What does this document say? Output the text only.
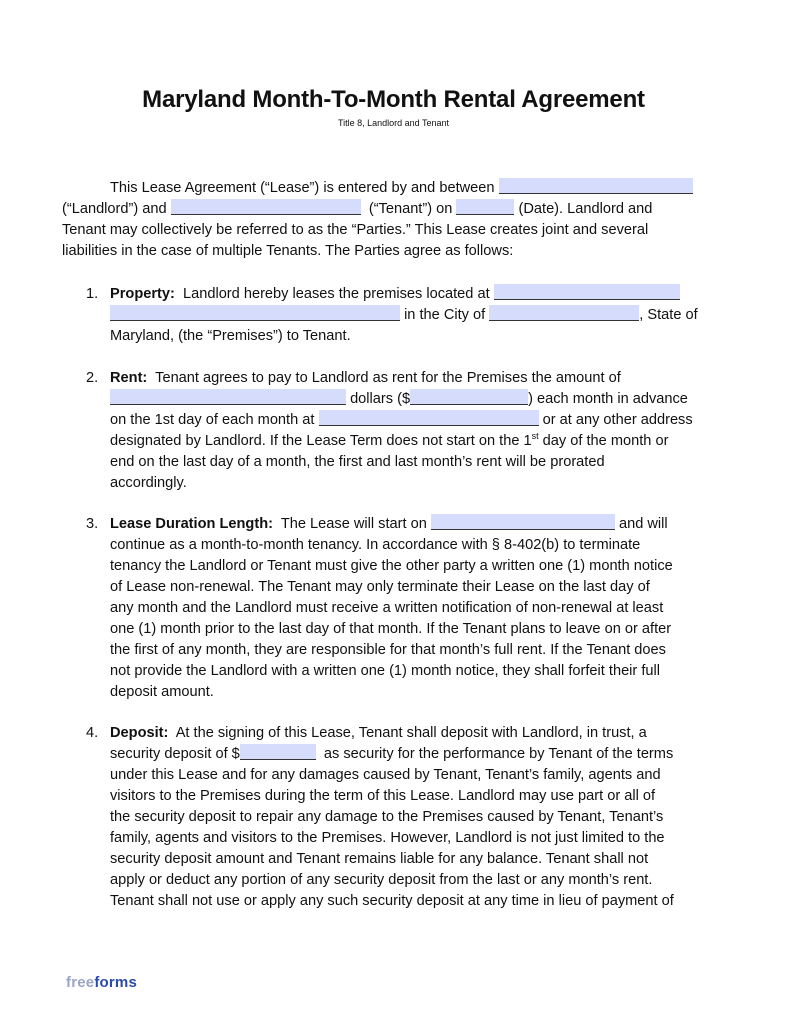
Maryland Month-To-Month Rental Agreement
Title 8, Landlord and Tenant
This Lease Agreement (“Lease”) is entered by and between
(“Landlord”) and	(“Tenant”) on	(Date). Landlord and
Tenant may collectively be referred to as the “Parties.” This Lease creates joint and several
liabilities in the case of multiple Tenants. The Parties agree as follows:
1. Property: Landlord hereby leases the premises located at
in the City of	, State of
Maryland, (the “Premises”) to Tenant.
2. Rent: Tenant agrees to pay to Landlord as rent for the Premises the amount of
dollars ($	) each month in advance
on the 1st day of each month at	or at any other address
designated by Landlord. If the Lease Term does not start on the 1st day of the month or
end on the last day of a month, the first and last month’s rent will be prorated
accordingly.
3. Lease Duration Length: The Lease will start on	and will
continue as a month-to-month tenancy. In accordance with § 8-402(b) to terminate
tenancy the Landlord or Tenant must give the other party a written one (1) month notice
of Lease non-renewal. The Tenant may only terminate their Lease on the last day of
any month and the Landlord must receive a written notification of non-renewal at least
one (1) month prior to the last day of that month. If the Tenant plans to leave on or after
the first of any month, they are responsible for that month’s full rent. If the Tenant does
not provide the Landlord with a written one (1) month notice, they shall forfeit their full
deposit amount.
4. Deposit: At the signing of this Lease, Tenant shall deposit with Landlord, in trust, a
security deposit of $	as security for the performance by Tenant of the terms
under this Lease and for any damages caused by Tenant, Tenant’s family, agents and
visitors to the Premises during the term of this Lease. Landlord may use part or all of
the security deposit to repair any damage to the Premises caused by Tenant, Tenant’s
family, agents and visitors to the Premises. However, Landlord is not just limited to the
security deposit amount and Tenant remains liable for any balance. Tenant shall not
apply or deduct any portion of any security deposit from the last or any month’s rent.
Tenant shall not use or apply any such security deposit at any time in lieu of payment of
freeforms
